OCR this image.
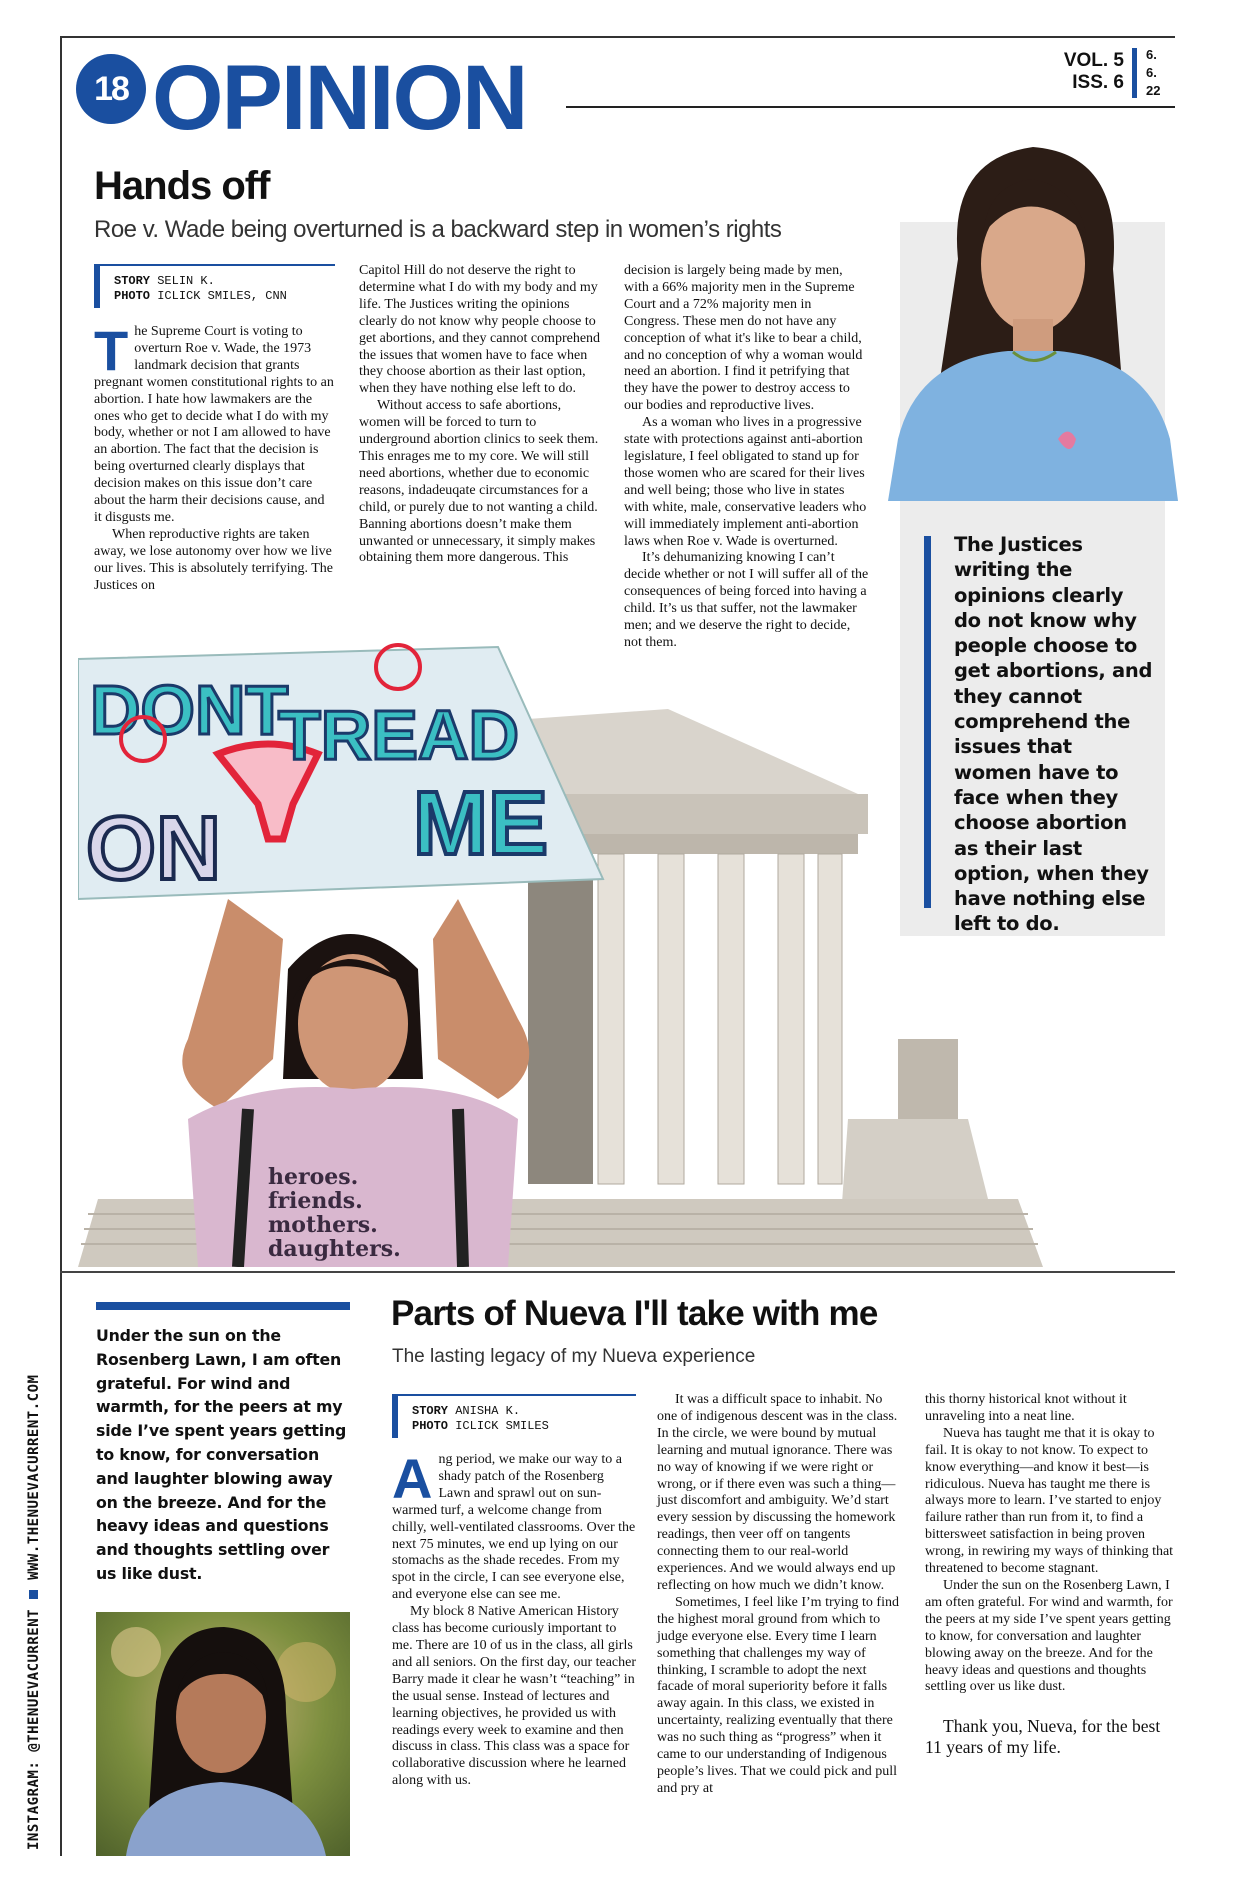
18 OPINION	VOL. 5
ISS. 6
6.
6.
22
Hands off
Roe v. Wade being overturned is a backward step in women’s rights
STORY SELIN K.
PHOTO ICLICK SMILES, CNN

The Supreme Court is voting to overturn Roe v. Wade, the 1973 landmark decision that grants pregnant women constitutional rights to an abortion. I hate how lawmakers are the ones who get to decide what I do with my body, whether or not I am allowed to have an abortion. The fact that the decision is being overturned clearly displays that decision makes on this issue don’t care about the harm their decisions cause, and it disgusts me.

When reproductive rights are taken away, we lose autonomy over how we live our lives. This is absolutely terrifying. The Justices on

Capitol Hill do not deserve the right to determine what I do with my body and my life. The Justices writing the opinions clearly do not know why people choose to get abortions, and they cannot comprehend the issues that women have to face when they choose abortion as their last option, when they have nothing else left to do.

Without access to safe abortions, women will be forced to turn to underground abortion clinics to seek them. This enrages me to my core. We will still need abortions, whether due to economic reasons, indadeuqate circumstances for a child, or purely due to not wanting a child. Banning abortions doesn’t make them unwanted or unnecessary, it simply makes obtaining them more dangerous. This

decision is largely being made by men, with a 66% majority men in the Supreme Court and a 72% majority men in Congress. These men do not have any conception of what it's like to bear a child, and no conception of why a woman would need an abortion. I find it petrifying that they have the power to destroy access to our bodies and reproductive lives.

As a woman who lives in a progressive state with protections against anti-abortion legislature, I feel obligated to stand up for those women who are scared for their lives and well being; those who live in states with white, male, conservative leaders who will immediately implement anti-abortion laws when Roe v. Wade is overturned.

It’s dehumanizing knowing I can’t decide whether or not I will suffer all of the consequences of being forced into having a child. It’s us that suffer, not the lawmaker men; and we deserve the right to decide, not them.

The Justices writing the opinions clearly do not know why people choose to get abortions, and they cannot comprehend the issues that women have to face when they choose abortion as their last option, when they have nothing else left to do.
DONT
TREAD
ON ME
heroes. friends. mothers. daughters.
Under the sun on the Rosenberg Lawn, I am often grateful. For wind and warmth, for the peers at my side I’ve spent years getting to know, for conversation and laughter blowing away on the breeze. And for the heavy ideas and questions and thoughts settling over us like dust.
INSTAGRAM: @THENUEVACURRENTWWW.THENUEVACURRENT.COM
Parts of Nueva I'll take with me
The lasting legacy of my Nueva experience
STORY ANISHA K.
PHOTO ICLICK SMILES

Ang period, we make our way to a shady patch of the Rosenberg Lawn and sprawl out on sun-warmed turf, a welcome change from chilly, well-ventilated classrooms. Over the next 75 minutes, we end up lying on our stomachs as the shade recedes. From my spot in the circle, I can see everyone else, and everyone else can see me.

My block 8 Native American History class has become curiously important to me. There are 10 of us in the class, all girls and all seniors. On the first day, our teacher Barry made it clear he wasn’t “teaching” in the usual sense. Instead of lectures and learning objectives, he provided us with readings every week to examine and then discuss in class. This class was a space for collaborative discussion where he learned along with us.

It was a difficult space to inhabit. No one of indigenous descent was in the class. In the circle, we were bound by mutual learning and mutual ignorance. There was no way of knowing if we were right or wrong, or if there even was such a thing—just discomfort and ambiguity. We’d start every session by discussing the homework readings, then veer off on tangents connecting them to our real-world experiences. And we would always end up reflecting on how much we didn’t know.

Sometimes, I feel like I’m trying to find the highest moral ground from which to judge everyone else. Every time I learn something that challenges my way of thinking, I scramble to adopt the next facade of moral superiority before it falls away again. In this class, we existed in uncertainty, realizing eventually that there was no such thing as “progress” when it came to our understanding of Indigenous people’s lives. That we could pick and pull and pry at

this thorny historical knot without it unraveling into a neat line.

Nueva has taught me that it is okay to fail. It is okay to not know. To expect to know everything—and know it best—is ridiculous. Nueva has taught me there is always more to learn. I’ve started to enjoy failure rather than run from it, to find a bittersweet satisfaction in being proven wrong, in rewiring my ways of thinking that threatened to become stagnant.

Under the sun on the Rosenberg Lawn, I am often grateful. For wind and warmth, for the peers at my side I’ve spent years getting to know, for conversation and laughter blowing away on the breeze. And for the heavy ideas and questions and thoughts settling over us like dust.

Thank you, Nueva, for the best 11 years of my life.
